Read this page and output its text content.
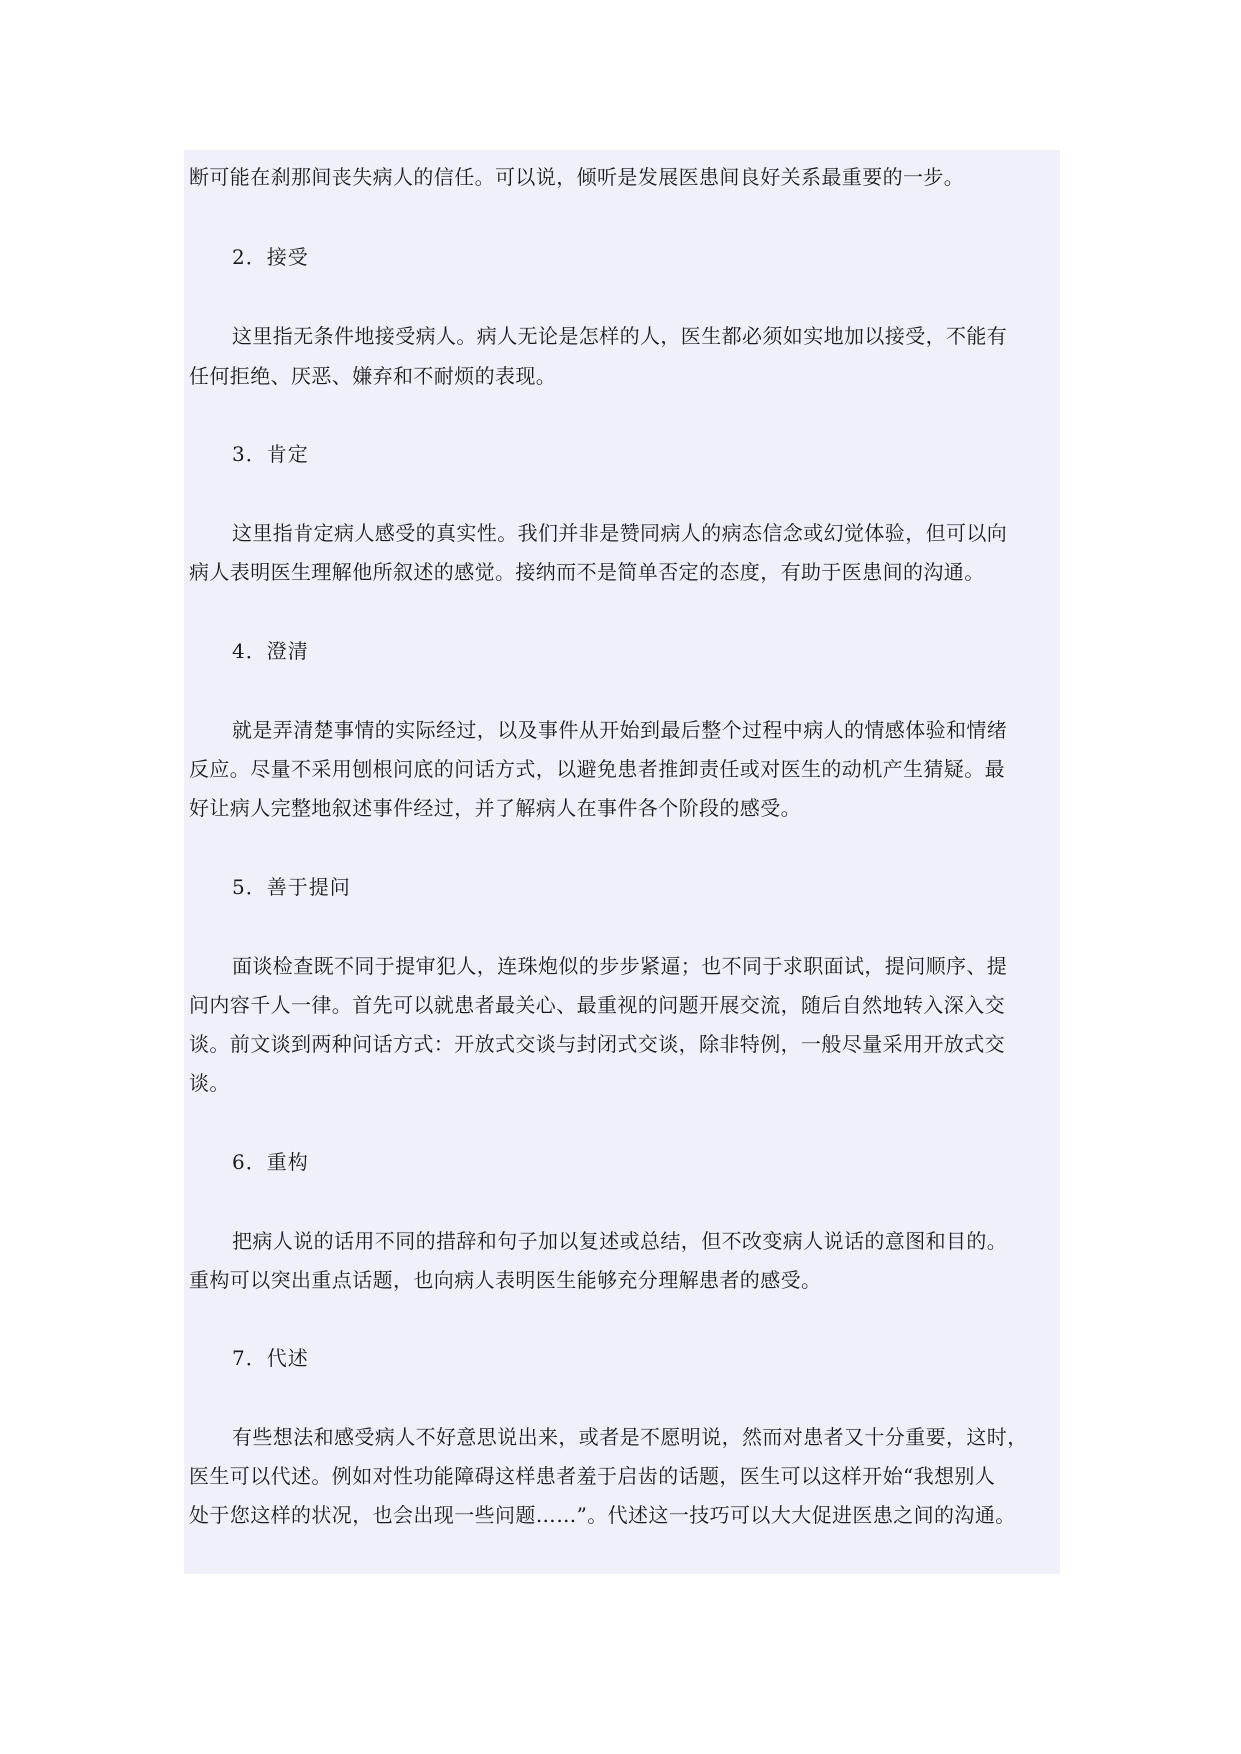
断可能在刹那间丧失病人的信任。可以说，倾听是发展医患间良好关系最重要的一步。
2．接受
这里指无条件地接受病人。病人无论是怎样的人，医生都必须如实地加以接受，不能有
任何拒绝、厌恶、嫌弃和不耐烦的表现。
3．肯定
这里指肯定病人感受的真实性。我们并非是赞同病人的病态信念或幻觉体验，但可以向
病人表明医生理解他所叙述的感觉。接纳而不是简单否定的态度，有助于医患间的沟通。
4．澄清
就是弄清楚事情的实际经过，以及事件从开始到最后整个过程中病人的情感体验和情绪
反应。尽量不采用刨根问底的问话方式，以避免患者推卸责任或对医生的动机产生猜疑。最
好让病人完整地叙述事件经过，并了解病人在事件各个阶段的感受。
5．善于提问
面谈检查既不同于提审犯人，连珠炮似的步步紧逼；也不同于求职面试，提问顺序、提
问内容千人一律。首先可以就患者最关心、最重视的问题开展交流，随后自然地转入深入交
谈。前文谈到两种问话方式：开放式交谈与封闭式交谈，除非特例，一般尽量采用开放式交
谈。
6．重构
把病人说的话用不同的措辞和句子加以复述或总结，但不改变病人说话的意图和目的。
重构可以突出重点话题，也向病人表明医生能够充分理解患者的感受。
7．代述
有些想法和感受病人不好意思说出来，或者是不愿明说，然而对患者又十分重要，这时，
医生可以代述。例如对性功能障碍这样患者羞于启齿的话题，医生可以这样开始“我想别人
处于您这样的状况，也会出现一些问题……”。代述这一技巧可以大大促进医患之间的沟通。
